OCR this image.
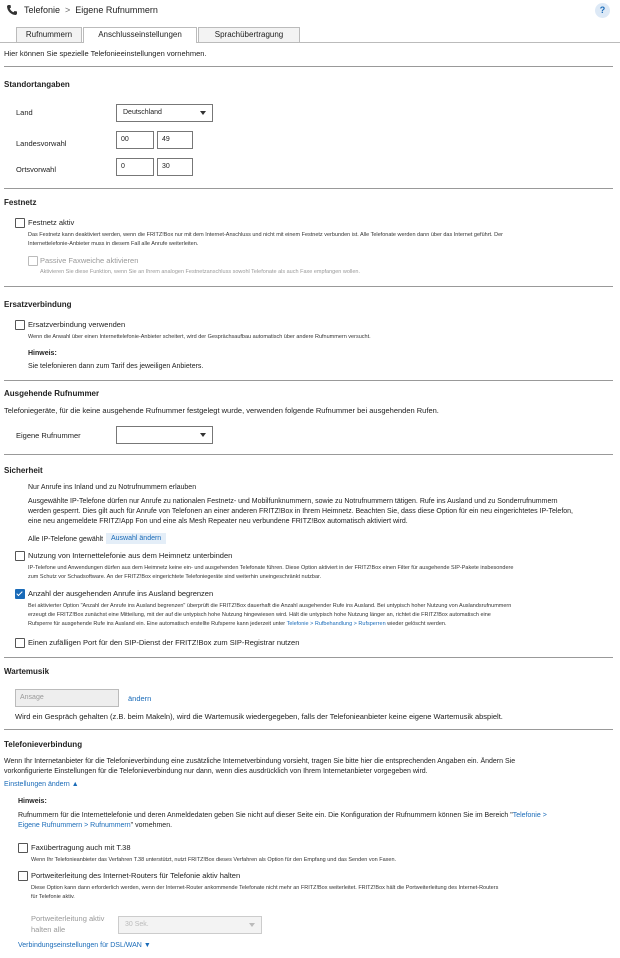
Telefonie > Eigene Rufnummern	?
Rufnummern	Anschlusseinstellungen	Sprachübertragung
Hier können Sie spezielle Telefonieeinstellungen vornehmen.
Standortangaben
Land	Deutschland
Landesvorwahl	00	49
Ortsvorwahl	0	30
Festnetz
Festnetz aktiv
Das Festnetz kann deaktiviert werden, wenn die FRITZ!Box nur mit dem Internet-Anschluss und nicht mit einem Festnetz verbunden ist. Alle Telefonate werden dann über das Internet geführt. Der
Internettelefonie-Anbieter muss in diesem Fall alle Anrufe weiterleiten.
Passive Faxweiche aktivieren
Aktivieren Sie diese Funktion, wenn Sie an Ihrem analogen Festnetzanschluss sowohl Telefonate als auch Faxe empfangen wollen.
Ersatzverbindung
Ersatzverbindung verwenden
Wenn die Anwahl über einen Internettelefonie-Anbieter scheitert, wird der Gesprächsaufbau automatisch über andere Rufnummern versucht.
Hinweis:
Sie telefonieren dann zum Tarif des jeweiligen Anbieters.
Ausgehende Rufnummer
Telefoniegeräte, für die keine ausgehende Rufnummer festgelegt wurde, verwenden folgende Rufnummer bei ausgehenden Rufen.
Eigene Rufnummer
Sicherheit
Nur Anrufe ins Inland und zu Notrufnummern erlauben
Ausgewählte IP-Telefone dürfen nur Anrufe zu nationalen Festnetz- und Mobilfunknummern, sowie zu Notrufnummern tätigen. Rufe ins Ausland und zu Sonderrufnummern
werden gesperrt. Dies gilt auch für Anrufe von Telefonen an einer anderen FRITZ!Box in Ihrem Heimnetz. Beachten Sie, dass diese Option für ein neu eingerichtetes IP-Telefon,
eine neu angemeldete FRITZ!App Fon und eine als Mesh Repeater neu verbundene FRITZ!Box automatisch aktiviert wird.
Alle IP-Telefone gewählt	Auswahl ändern
Nutzung von Internettelefonie aus dem Heimnetz unterbinden
IP-Telefone und Anwendungen dürfen aus dem Heimnetz keine ein- und ausgehenden Telefonate führen. Diese Option aktiviert in der FRITZ!Box einen Filter für ausgehende SIP-Pakete insbesondere
zum Schutz vor Schadsoftware. An der FRITZ!Box eingerichtete Telefoniegeräte sind weiterhin uneingeschränkt nutzbar.
Anzahl der ausgehenden Anrufe ins Ausland begrenzen
Bei aktivierter Option "Anzahl der Anrufe ins Ausland begrenzen" überprüft die FRITZ!Box dauerhaft die Anzahl ausgehender Rufe ins Ausland. Bei untypisch hoher Nutzung von Auslandsrufnummern
erzeugt die FRITZ!Box zunächst eine Mitteilung, mit der auf die untypisch hohe Nutzung hingewiesen wird. Hält die untypisch hohe Nutzung länger an, richtet die FRITZ!Box automatisch eine
Rufsperre für ausgehende Rufe ins Ausland ein. Eine automatisch erstellte Rufsperre kann jederzeit unter Telefonie > Rufbehandlung > Rufsperren wieder gelöscht werden.
Einen zufälligen Port für den SIP-Dienst der FRITZ!Box zum SIP-Registrar nutzen
Wartemusik
Ansage	ändern
Wird ein Gespräch gehalten (z.B. beim Makeln), wird die Wartemusik wiedergegeben, falls der Telefonieanbieter keine eigene Wartemusik abspielt.
Telefonieverbindung
Wenn Ihr Internetanbieter für die Telefonieverbindung eine zusätzliche Internetverbindung vorsieht, tragen Sie bitte hier die entsprechenden Angaben ein. Ändern Sie
vorkonfigurierte Einstellungen für die Telefonieverbindung nur dann, wenn dies ausdrücklich von Ihrem Internetanbieter vorgegeben wird.
Einstellungen ändern ▲
Hinweis:
Rufnummern für die Internettelefonie und deren Anmeldedaten geben Sie nicht auf dieser Seite ein. Die Konfiguration der Rufnummern können Sie im Bereich "Telefonie >
Eigene Rufnummern > Rufnummern" vornehmen.
Faxübertragung auch mit T.38
Wenn Ihr Telefonieanbieter das Verfahren T.38 unterstützt, nutzt FRITZ!Box dieses Verfahren als Option für den Empfang und das Senden von Faxen.
Portweiterleitung des Internet-Routers für Telefonie aktiv halten
Diese Option kann dann erforderlich werden, wenn der Internet-Router ankommende Telefonate nicht mehr an FRITZ!Box weiterleitet. FRITZ!Box hält die Portweiterleitung des Internet-Routers
für Telefonie aktiv.
Portweiterleitung aktiv
halten alle
30 Sek.
Verbindungseinstellungen für DSL/WAN ▼
